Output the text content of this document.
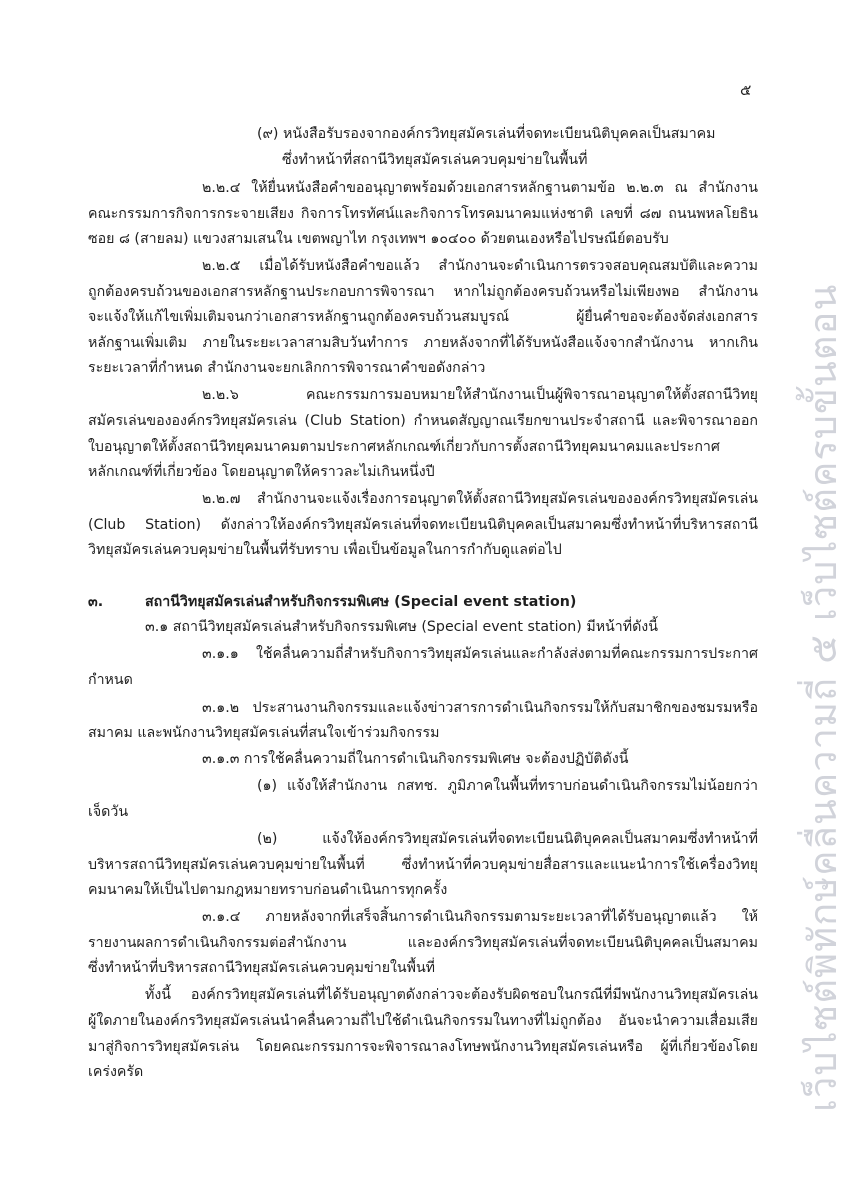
๕
(๙) หนังสือรับรองจากองค์กรวิทยุสมัครเล่นที่จดทะเบียนนิติบุคคลเป็นสมาคม
ซึ่งทำหน้าที่สถานีวิทยุสมัครเล่นควบคุมข่ายในพื้นที่
๒.๒.๔ ให้ยื่นหนังสือคำขออนุญาตพร้อมด้วยเอกสารหลักฐานตามข้อ ๒.๒.๓ ณ สำนักงาน
คณะกรรมการกิจการกระจายเสียง กิจการโทรทัศน์และกิจการโทรคมนาคมแห่งชาติ เลขที่ ๘๗ ถนนพหลโยธิน
ซอย ๘ (สายลม) แขวงสามเสนใน เขตพญาไท กรุงเทพฯ ๑๐๔๐๐ ด้วยตนเองหรือไปรษณีย์ตอบรับ
๒.๒.๕ เมื่อได้รับหนังสือคำขอแล้ว สำนักงานจะดำเนินการตรวจสอบคุณสมบัติและความ
ถูกต้องครบถ้วนของเอกสารหลักฐานประกอบการพิจารณา หากไม่ถูกต้องครบถ้วนหรือไม่เพียงพอ สำนักงาน
จะแจ้งให้แก้ไขเพิ่มเติมจนกว่าเอกสารหลักฐานถูกต้องครบถ้วนสมบูรณ์ ผู้ยื่นคำขอจะต้องจัดส่งเอกสาร
หลักฐานเพิ่มเติม ภายในระยะเวลาสามสิบวันทำการ ภายหลังจากที่ได้รับหนังสือแจ้งจากสำนักงาน หากเกิน
ระยะเวลาที่กำหนด สำนักงานจะยกเลิกการพิจารณาคำขอดังกล่าว
๒.๒.๖ คณะกรรมการมอบหมายให้สำนักงานเป็นผู้พิจารณาอนุญาตให้ตั้งสถานีวิทยุ
สมัครเล่นขององค์กรวิทยุสมัครเล่น (Club Station) กำหนดสัญญาณเรียกขานประจำสถานี และพิจารณาออก
ใบอนุญาตให้ตั้งสถานีวิทยุคมนาคมตามประกาศหลักเกณฑ์เกี่ยวกับการตั้งสถานีวิทยุคมนาคมและประกาศ
หลักเกณฑ์ที่เกี่ยวข้อง โดยอนุญาตให้คราวละไม่เกินหนึ่งปี
๒.๒.๗ สำนักงานจะแจ้งเรื่องการอนุญาตให้ตั้งสถานีวิทยุสมัครเล่นขององค์กรวิทยุสมัครเล่น
(Club Station) ดังกล่าวให้องค์กรวิทยุสมัครเล่นที่จดทะเบียนนิติบุคคลเป็นสมาคมซึ่งทำหน้าที่บริหารสถานี
วิทยุสมัครเล่นควบคุมข่ายในพื้นที่รับทราบ เพื่อเป็นข้อมูลในการกำกับดูแลต่อไป
๓.	สถานีวิทยุสมัครเล่นสำหรับกิจกรรมพิเศษ (Special event station)
๓.๑ สถานีวิทยุสมัครเล่นสำหรับกิจกรรมพิเศษ (Special event station) มีหน้าที่ดังนี้
๓.๑.๑ ใช้คลื่นความถี่สำหรับกิจการวิทยุสมัครเล่นและกำลังส่งตามที่คณะกรรมการประกาศ
กำหนด
๓.๑.๒ ประสานงานกิจกรรมและแจ้งข่าวสารการดำเนินกิจกรรมให้กับสมาชิกของชมรมหรือ
สมาคม และพนักงานวิทยุสมัครเล่นที่สนใจเข้าร่วมกิจกรรม
๓.๑.๓ การใช้คลื่นความถี่ในการดำเนินกิจกรรมพิเศษ จะต้องปฏิบัติดังนี้
(๑) แจ้งให้สำนักงาน กสทช. ภูมิภาคในพื้นที่ทราบก่อนดำเนินกิจกรรมไม่น้อยกว่า
เจ็ดวัน
(๒) แจ้งให้องค์กรวิทยุสมัครเล่นที่จดทะเบียนนิติบุคคลเป็นสมาคมซึ่งทำหน้าที่
บริหารสถานีวิทยุสมัครเล่นควบคุมข่ายในพื้นที่ ซึ่งทำหน้าที่ควบคุมข่ายสื่อสารและแนะนำการใช้เครื่องวิทยุ
คมนาคมให้เป็นไปตามกฎหมายทราบก่อนดำเนินการทุกครั้ง
๓.๑.๔ ภายหลังจากที่เสร็จสิ้นการดำเนินกิจกรรมตามระยะเวลาที่ได้รับอนุญาตแล้ว ให้
รายงานผลการดำเนินกิจกรรมต่อสำนักงาน และองค์กรวิทยุสมัครเล่นที่จดทะเบียนนิติบุคคลเป็นสมาคม
ซึ่งทำหน้าที่บริหารสถานีวิทยุสมัครเล่นควบคุมข่ายในพื้นที่
ทั้งนี้ องค์กรวิทยุสมัครเล่นที่ได้รับอนุญาตดังกล่าวจะต้องรับผิดชอบในกรณีที่มีพนักงานวิทยุสมัครเล่น
ผู้ใดภายในองค์กรวิทยุสมัครเล่นนำคลื่นความถี่ไปใช้ดำเนินกิจกรรมในทางที่ไม่ถูกต้อง อันจะนำความเสื่อมเสีย
มาสู่กิจการวิทยุสมัครเล่น โดยคณะกรรมการจะพิจารณาลงโทษพนักงานวิทยุสมัครเล่นหรือ ผู้ที่เกี่ยวข้องโดย
เคร่งครัด	เว็บไซต์พิทักษ์คลื่นความถี่ ๕ เว็บไซต์ครบขั้นตอน
